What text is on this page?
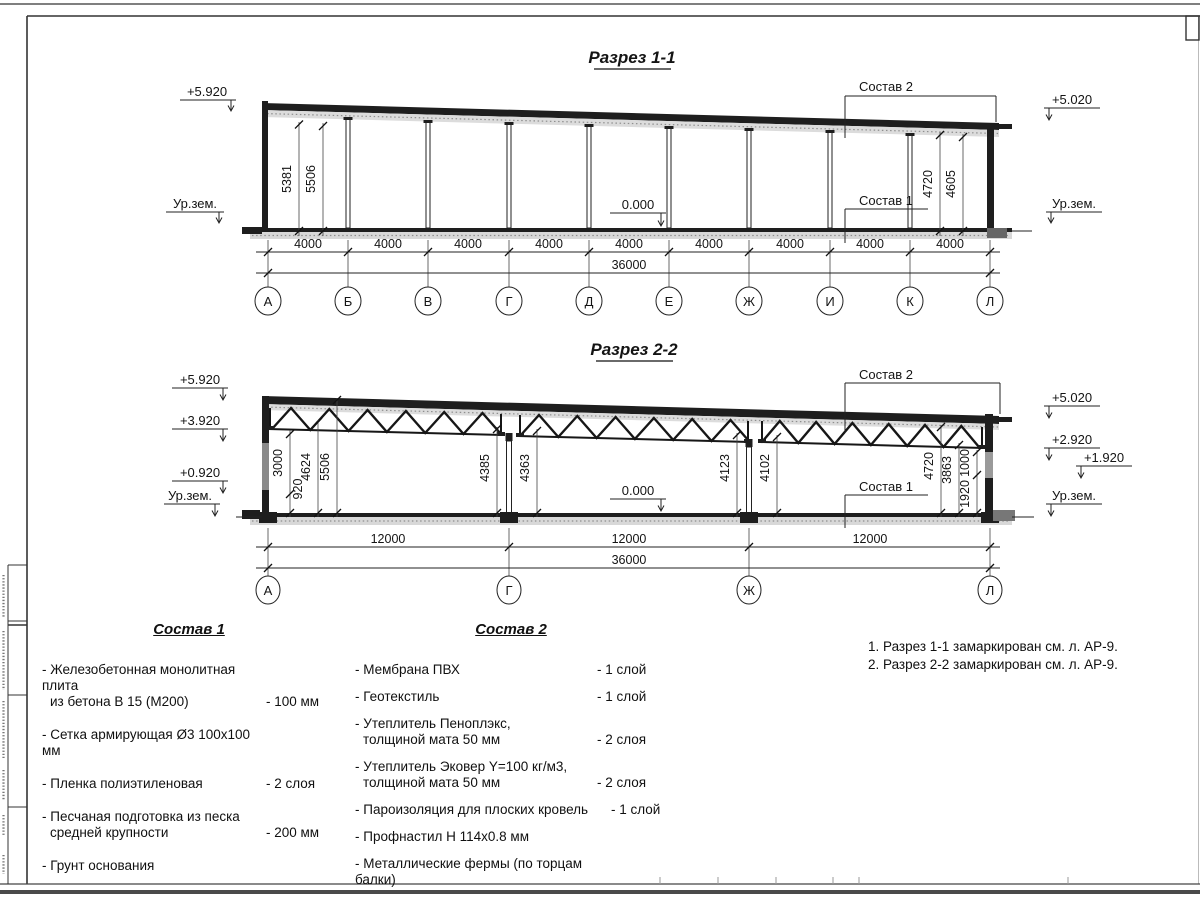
Разрез 1-1
+5.920
Ур.зем.
+5.020
Ур.зем.
0.000
Состав 2
Состав 1
5381 5506	4720 4605
4000	4000	4000	4000	4000	4000	4000	4000	4000
36000
А	Б	В	Г	Д	Е	Ж	И	К	Л
Разрез 2-2
+5.920
+3.920
+0.920
Ур.зем.
+5.020
+2.920
+1.920
Ур.зем.
0.000
Состав 2
Состав 1
3000
920
4624 5506	4385 4363	4123 4102	4720 3863 1000
1920
12000	12000	12000
36000
А	Г	Ж	Л
Состав 1
- Железобетонная монолитная плита
из бетона В 15 (М200)	- 100 мм
- Сетка армирующая Ø3 100х100 мм
- Пленка полиэтиленовая	- 2 слоя
- Песчаная подготовка из песка
средней крупности	- 200 мм
- Грунт основания
Состав 2
- Мембрана ПВХ	- 1 слой
- Геотекстиль	- 1 слой
- Утеплитель Пеноплэкс,
толщиной мата 50 мм	- 2 слоя
- Утеплитель Эковер Y=100 кг/м3,
толщиной мата 50 мм	- 2 слоя
- Пароизоляция для плоских кровель - 1 слой
- Профнастил Н 114х0.8 мм
- Металлические фермы (по торцам балки)
1. Разрез 1-1 замаркирован см. л. АР-9.
2. Разрез 2-2 замаркирован см. л. АР-9.
